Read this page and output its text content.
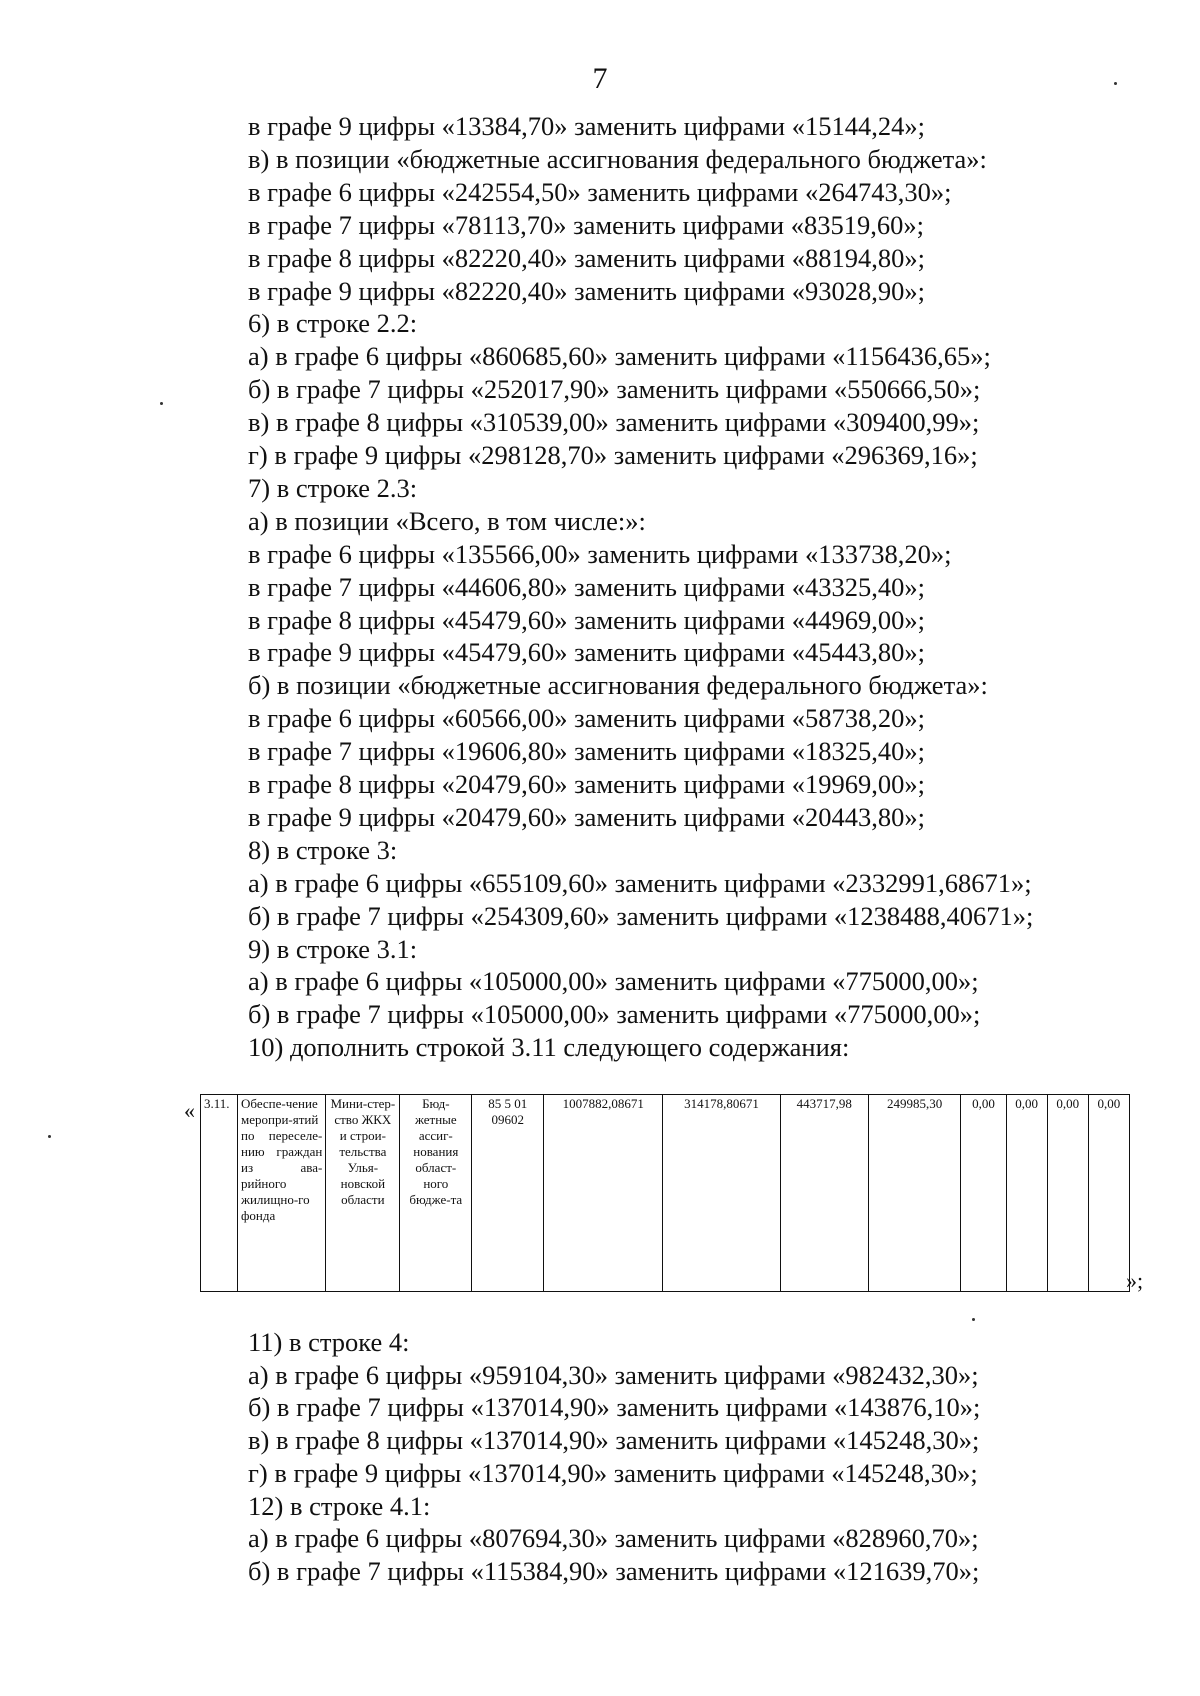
7
в графе 9 цифры «13384,70» заменить цифрами «15144,24»;
в) в позиции «бюджетные ассигнования федерального бюджета»:
в графе 6 цифры «242554,50» заменить цифрами «264743,30»;
в графе 7 цифры «78113,70» заменить цифрами «83519,60»;
в графе 8 цифры «82220,40» заменить цифрами «88194,80»;
в графе 9 цифры «82220,40» заменить цифрами «93028,90»;
6) в строке 2.2:
а) в графе 6 цифры «860685,60» заменить цифрами «1156436,65»;
б) в графе 7 цифры «252017,90» заменить цифрами «550666,50»;
в) в графе 8 цифры «310539,00» заменить цифрами «309400,99»;
г) в графе 9 цифры «298128,70» заменить цифрами «296369,16»;
7) в строке 2.3:
а) в позиции «Всего, в том числе:»:
в графе 6 цифры «135566,00» заменить цифрами «133738,20»;
в графе 7 цифры «44606,80» заменить цифрами «43325,40»;
в графе 8 цифры «45479,60» заменить цифрами «44969,00»;
в графе 9 цифры «45479,60» заменить цифрами «45443,80»;
б) в позиции «бюджетные ассигнования федерального бюджета»:
в графе 6 цифры «60566,00» заменить цифрами «58738,20»;
в графе 7 цифры «19606,80» заменить цифрами «18325,40»;
в графе 8 цифры «20479,60» заменить цифрами «19969,00»;
в графе 9 цифры «20479,60» заменить цифрами «20443,80»;
8) в строке 3:
а) в графе 6 цифры «655109,60» заменить цифрами «2332991,68671»;
б) в графе 7 цифры «254309,60» заменить цифрами «1238488,40671»;
9) в строке 3.1:
а) в графе 6 цифры «105000,00» заменить цифрами «775000,00»;
б) в графе 7 цифры «105000,00» заменить цифрами «775000,00»;
10) дополнить строкой 3.11 следующего содержания:
« 3.11.	Обеспе-чение меропри-ятий по переселе-нию граждан из ава-рийного жилищно-го фонда	Мини-стер-ство ЖКХ и строи-тельства Улья-новской области	Бюд-жетные ассиг-нования област-ного бюдже-та	85 5 01 09602	1007882,08671	314178,80671	443717,98	249985,30	0,00	0,00	0,00	0,00
»;
11) в строке 4:
а) в графе 6 цифры «959104,30» заменить цифрами «982432,30»;
б) в графе 7 цифры «137014,90» заменить цифрами «143876,10»;
в) в графе 8 цифры «137014,90» заменить цифрами «145248,30»;
г) в графе 9 цифры «137014,90» заменить цифрами «145248,30»;
12) в строке 4.1:
а) в графе 6 цифры «807694,30» заменить цифрами «828960,70»;
б) в графе 7 цифры «115384,90» заменить цифрами «121639,70»;
